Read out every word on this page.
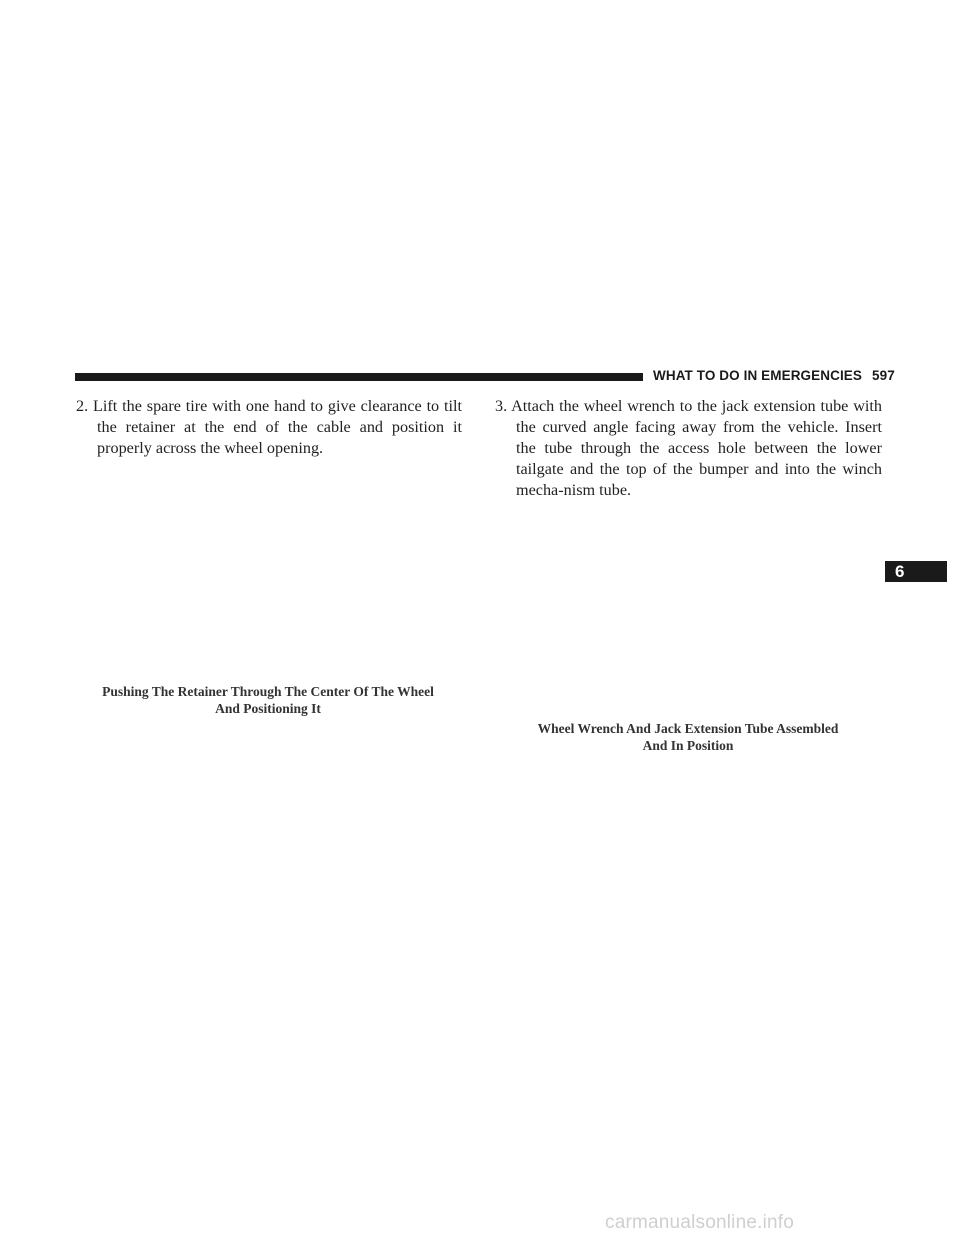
WHAT TO DO IN EMERGENCIES 597
2. Lift the spare tire with one hand to give clearance to tilt the retainer at the end of the cable and position it properly across the wheel opening.
3. Attach the wheel wrench to the jack extension tube with the curved angle facing away from the vehicle. Insert the tube through the access hole between the lower tailgate and the top of the bumper and into the winch mecha-nism tube.
Pushing The Retainer Through The Center Of The Wheel
And Positioning It
Wheel Wrench And Jack Extension Tube Assembled
And In Position
6
carmanualsonline.info
